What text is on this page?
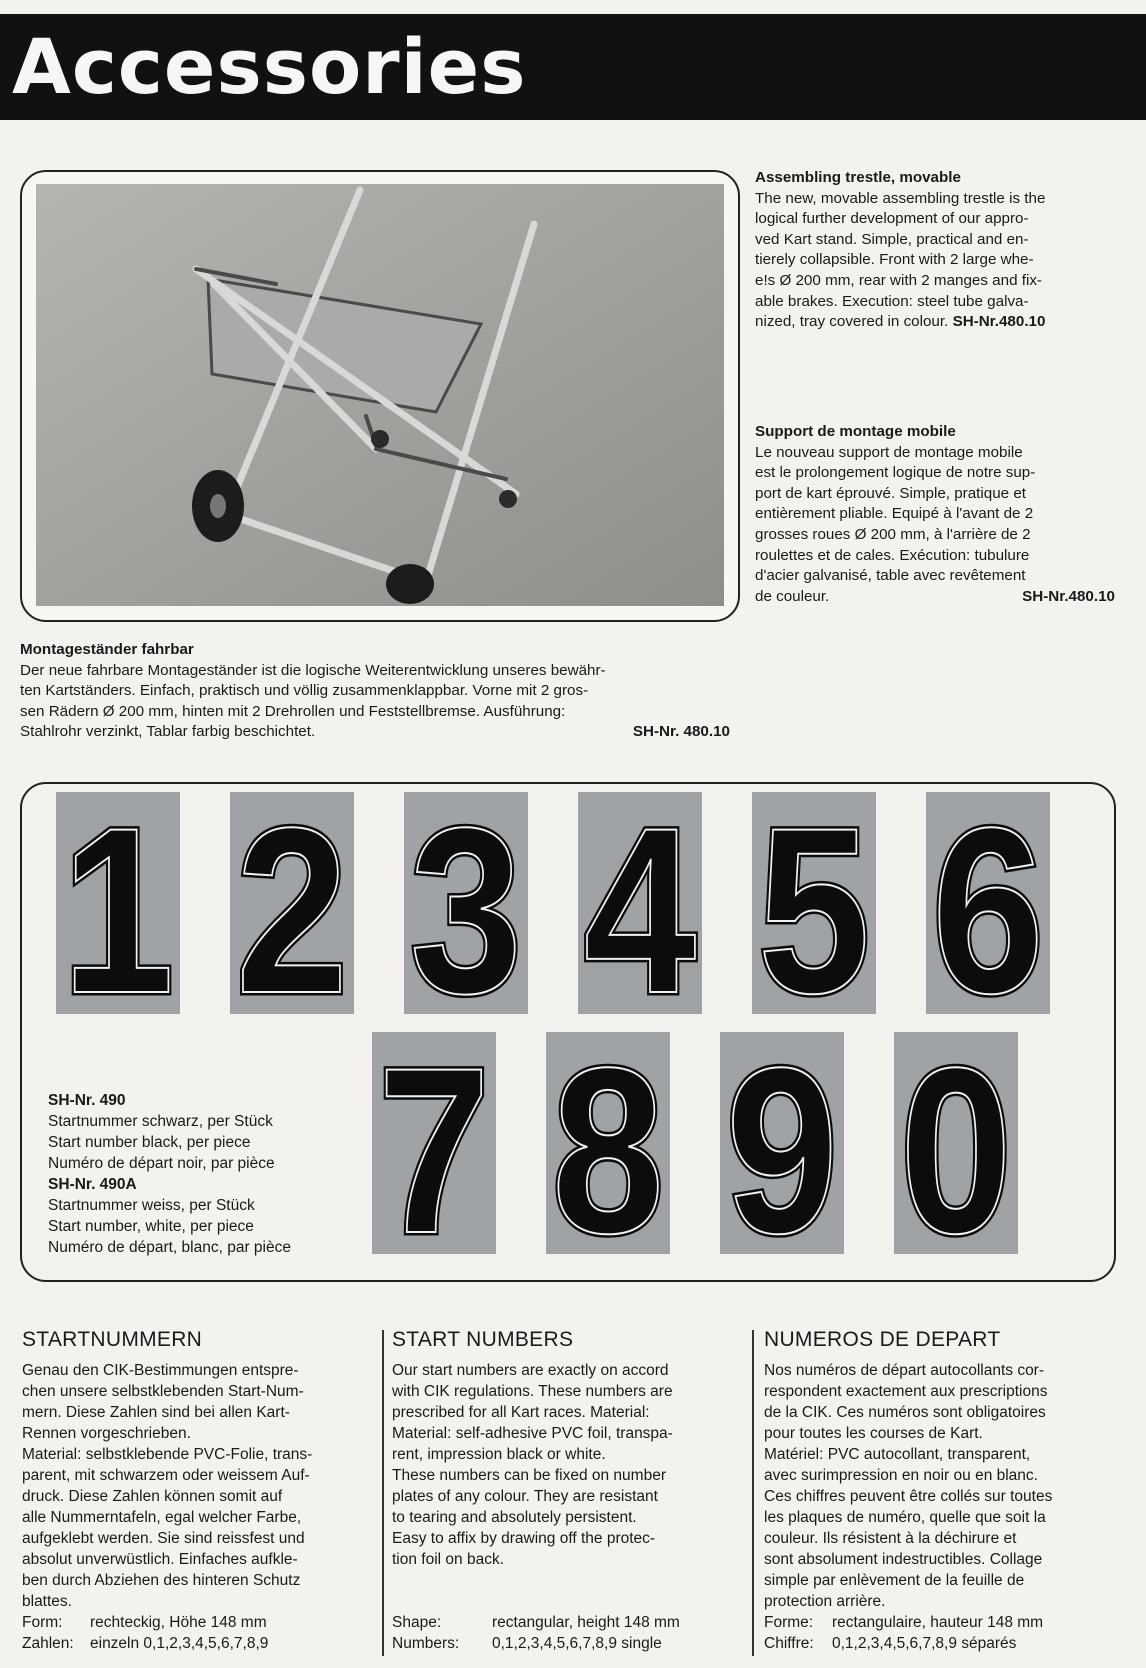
Accessories
Assembling trestle, movable
The new, movable assembling trestle is the
logical further development of our appro-
ved Kart stand. Simple, practical and en-
tierely collapsible. Front with 2 large whe-
e!s Ø 200 mm, rear with 2 manges and fix-
able brakes. Execution: steel tube galva-
nized, tray covered in colour. SH-Nr.480.10
Support de montage mobile
Le nouveau support de montage mobile
est le prolongement logique de notre sup-
port de kart éprouvé. Simple, pratique et
entièrement pliable. Equipé à l'avant de 2
grosses roues Ø 200 mm, à l'arrière de 2
roulettes et de cales. Exécution: tubulure
d'acier galvanisé, table avec revêtement
de couleur.	SH-Nr.480.10
Montageständer fahrbar
Der neue fahrbare Montageständer ist die logische Weiterentwicklung unseres bewähr-
ten Kartständers. Einfach, praktisch und völlig zusammenklappbar. Vorne mit 2 gros-
sen Rädern Ø 200 mm, hinten mit 2 Drehrollen und Feststellbremse. Ausführung:
Stahlrohr verzinkt, Tablar farbig beschichtet.	SH-Nr. 480.10
1
1 2
2 3
3 4
4 5
5 6
6
7
7 8
8 9
9 0
0
SH-Nr. 490
Startnummer schwarz, per Stück
Start number black, per piece
Numéro de départ noir, par pièce
SH-Nr. 490A
Startnummer weiss, per Stück
Start number, white, per piece
Numéro de départ, blanc, par pièce
STARTNUMMERN

Genau den CIK-Bestimmungen entspre-

chen unsere selbstklebenden Start-Num-

mern. Diese Zahlen sind bei allen Kart-

Rennen vorgeschrieben.

Material: selbstklebende PVC-Folie, trans-

parent, mit schwarzem oder weissem Auf-

druck. Diese Zahlen können somit auf

alle Nummerntafeln, egal welcher Farbe,

aufgeklebt werden. Sie sind reissfest und

absolut unverwüstlich. Einfaches aufkle-

ben durch Abziehen des hinteren Schutz

blattes.

Form:	rechteckig, Höhe 148 mm
Zahlen:	einzeln 0,1,2,3,4,5,6,7,8,9
START NUMBERS

Our start numbers are exactly on accord

with CIK regulations. These numbers are

prescribed for all Kart races. Material:

Material: self-adhesive PVC foil, transpa-

rent, impression black or white.

These numbers can be fixed on number

plates of any colour. They are resistant

to tearing and absolutely persistent.

Easy to affix by drawing off the protec-

tion foil on back.

Shape:	rectangular, height 148 mm
Numbers:	0,1,2,3,4,5,6,7,8,9 single
NUMEROS DE DEPART

Nos numéros de départ autocollants cor-

respondent exactement aux prescriptions

de la CIK. Ces numéros sont obligatoires

pour toutes les courses de Kart.

Matériel: PVC autocollant, transparent,

avec surimpression en noir ou en blanc.

Ces chiffres peuvent être collés sur toutes

les plaques de numéro, quelle que soit la

couleur. Ils résistent à la déchirure et

sont absolument indestructibles. Collage

simple par enlèvement de la feuille de

protection arrière.

Forme:	rectangulaire, hauteur 148 mm
Chiffre:	0,1,2,3,4,5,6,7,8,9 séparés
